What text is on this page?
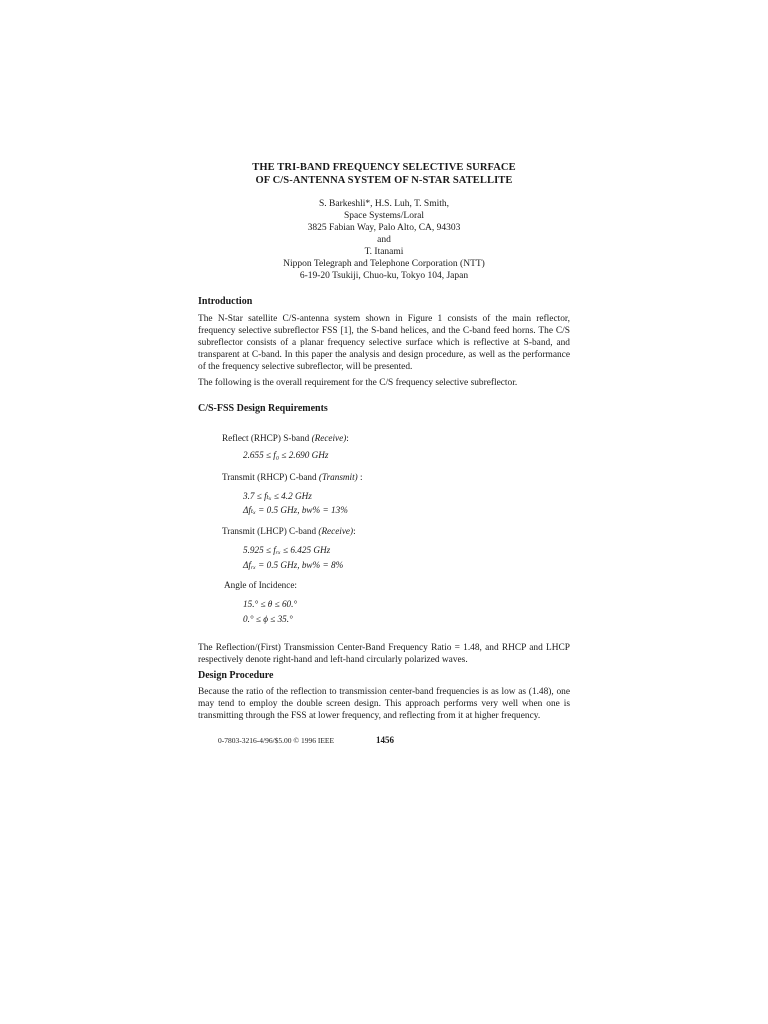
THE TRI-BAND FREQUENCY SELECTIVE SURFACE
OF C/S-ANTENNA SYSTEM OF N-STAR SATELLITE
S. Barkeshli*, H.S. Luh, T. Smith,
Space Systems/Loral
3825 Fabian Way, Palo Alto, CA, 94303
and
T. Itanami
Nippon Telegraph and Telephone Corporation (NTT)
6-19-20 Tsukiji, Chuo-ku, Tokyo 104, Japan
Introduction

The N-Star satellite C/S-antenna system shown in Figure 1 consists of the main reflector, frequency selective subreflector FSS [1], the S-band helices, and the C-band feed horns. The C/S subreflector consists of a planar frequency selective surface which is reflective at S-band, and transparent at C-band. In this paper the analysis and design procedure, as well as the performance of the frequency selective subreflector, will be presented.

The following is the overall requirement for the C/S frequency selective subreflector.

C/S-FSS Design Requirements
Reflect (RHCP) S-band (Receive):
2.655 ≤ f₀ ≤ 2.690 GHz
Transmit (RHCP) C-band (Transmit) :
3.7 ≤ fₜₓ ≤ 4.2 GHz
Δfₜₓ = 0.5 GHz, bw% = 13%
Transmit (LHCP) C-band (Receive):
5.925 ≤ fᵣₓ ≤ 6.425 GHz
Δfᵣₓ = 0.5 GHz, bw% = 8%
Angle of Incidence:
15.° ≤ θ ≤ 60.°
0.° ≤ ϕ ≤ 35.°

The Reflection/(First) Transmission Center-Band Frequency Ratio = 1.48, and RHCP and LHCP respectively denote right-hand and left-hand circularly polarized waves.

Design Procedure

Because the ratio of the reflection to transmission center-band frequencies is as low as (1.48), one may tend to employ the double screen design. This approach performs very well when one is transmitting through the FSS at lower frequency, and reflecting from it at higher frequency.

0-7803-3216-4/96/$5.00 © 1996 IEEE	1456
